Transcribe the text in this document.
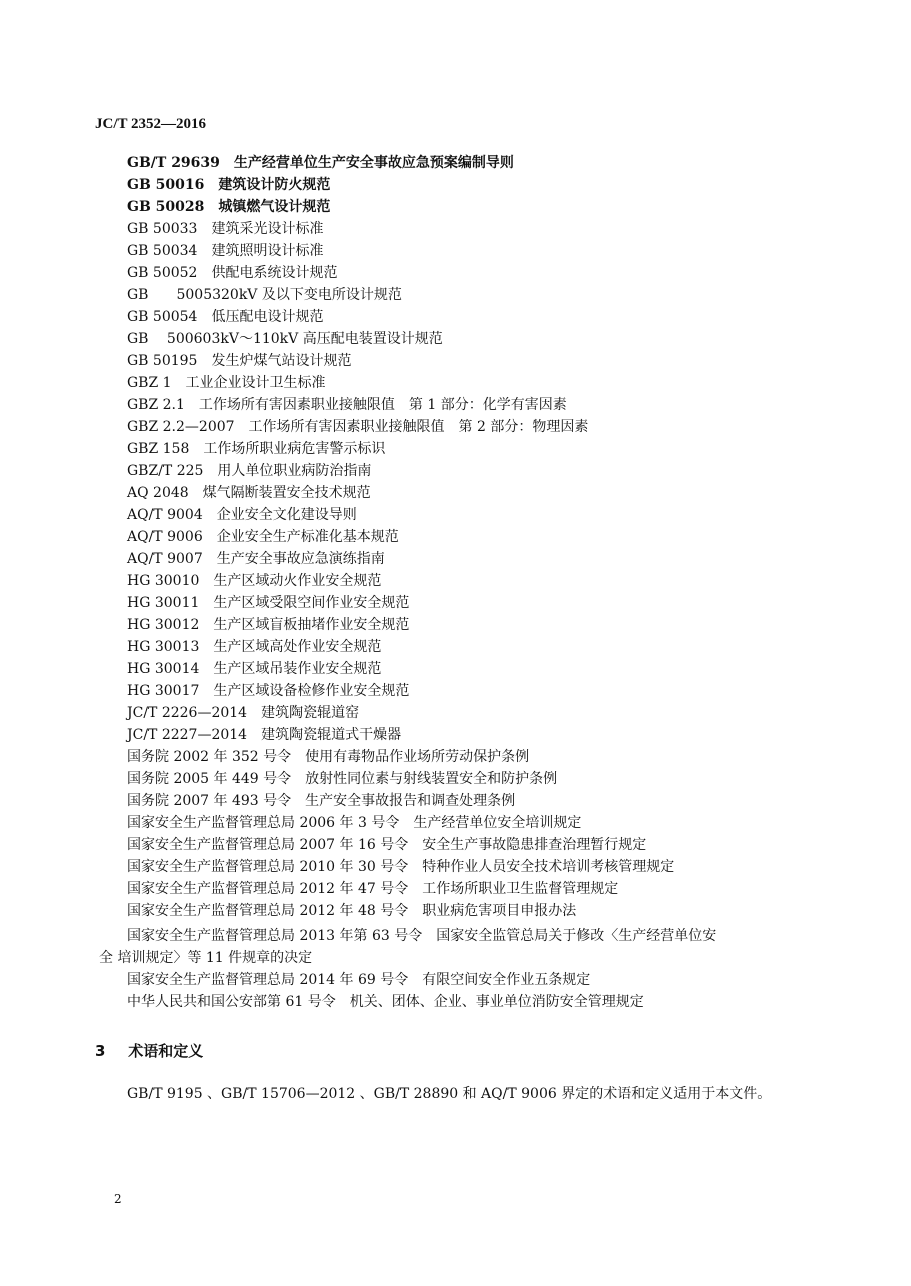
JC/T 2352—2016
GB/T 29639　生产经营单位生产安全事故应急预案编制导则
GB 50016　建筑设计防火规范
GB 50028　城镇燃气设计规范
GB 50033　建筑采光设计标准
GB 50034　建筑照明设计标准
GB 50052　供配电系统设计规范
GB　　5005320kV 及以下变电所设计规范
GB 50054　低压配电设计规范
GB　 500603kV～110kV 高压配电装置设计规范
GB 50195　发生炉煤气站设计规范
GBZ 1　工业企业设计卫生标准
GBZ 2.1　工作场所有害因素职业接触限值　第 1 部分：化学有害因素
GBZ 2.2—2007　工作场所有害因素职业接触限值　第 2 部分：物理因素
GBZ 158　工作场所职业病危害警示标识
GBZ/T 225　用人单位职业病防治指南
AQ 2048　煤气隔断装置安全技术规范
AQ/T 9004　企业安全文化建设导则
AQ/T 9006　企业安全生产标准化基本规范
AQ/T 9007　生产安全事故应急演练指南
HG 30010　生产区域动火作业安全规范
HG 30011　生产区域受限空间作业安全规范
HG 30012　生产区域盲板抽堵作业安全规范
HG 30013　生产区域高处作业安全规范
HG 30014　生产区域吊装作业安全规范
HG 30017　生产区域设备检修作业安全规范
JC/T 2226—2014　建筑陶瓷辊道窑
JC/T 2227—2014　建筑陶瓷辊道式干燥器
国务院 2002 年 352 号令　使用有毒物品作业场所劳动保护条例
国务院 2005 年 449 号令　放射性同位素与射线装置安全和防护条例
国务院 2007 年 493 号令　生产安全事故报告和调查处理条例
国家安全生产监督管理总局 2006 年 3 号令　生产经营单位安全培训规定
国家安全生产监督管理总局 2007 年 16 号令　安全生产事故隐患排查治理暂行规定
国家安全生产监督管理总局 2010 年 30 号令　特种作业人员安全技术培训考核管理规定
国家安全生产监督管理总局 2012 年 47 号令　工作场所职业卫生监督管理规定
国家安全生产监督管理总局 2012 年 48 号令　职业病危害项目申报办法
国家安全生产监督管理总局 2013 年第 63 号令　国家安全监管总局关于修改〈生产经营单位安
全 培训规定〉等 11 件规章的决定
国家安全生产监督管理总局 2014 年 69 号令　有限空间安全作业五条规定
中华人民共和国公安部第 61 号令　机关、团体、企业、事业单位消防安全管理规定
3 术语和定义
GB/T 9195 、GB/T 15706—2012 、GB/T 28890 和 AQ/T 9006 界定的术语和定义适用于本文件。
2
